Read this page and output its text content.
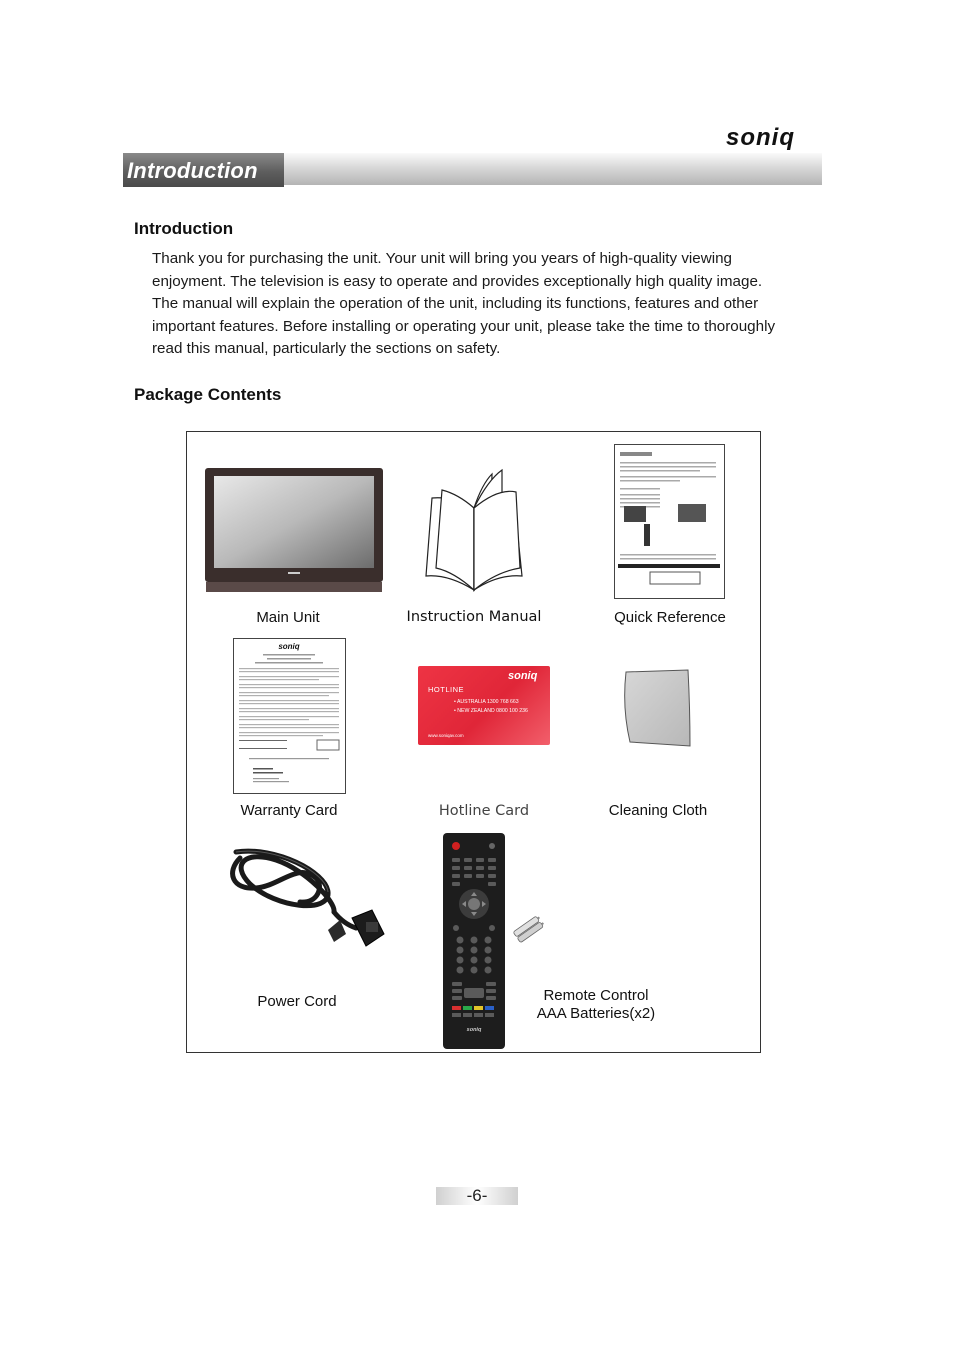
soniq
Introduction
Introduction

Thank you for purchasing the unit. Your unit will bring you years of high-quality viewing

enjoyment. The television is easy to operate and provides exceptionally high quality image.

The manual will explain the operation of the unit, including its functions, features and other

important features. Before installing or operating your unit, please take the time to thoroughly

read this manual, particularly the sections on safety.

Package Contents
Main Unit	Instruction Manual	Quick Reference
soniq
Warranty Card
soniq
HOTLINE
• AUSTRALIA 1300 768 663
• NEW ZEALAND 0800 100 236
www.soniqav.com
Hotline Card	Cleaning Cloth
Power Cord
soniq
Remote Control
AAA Batteries(x2)
-6-
